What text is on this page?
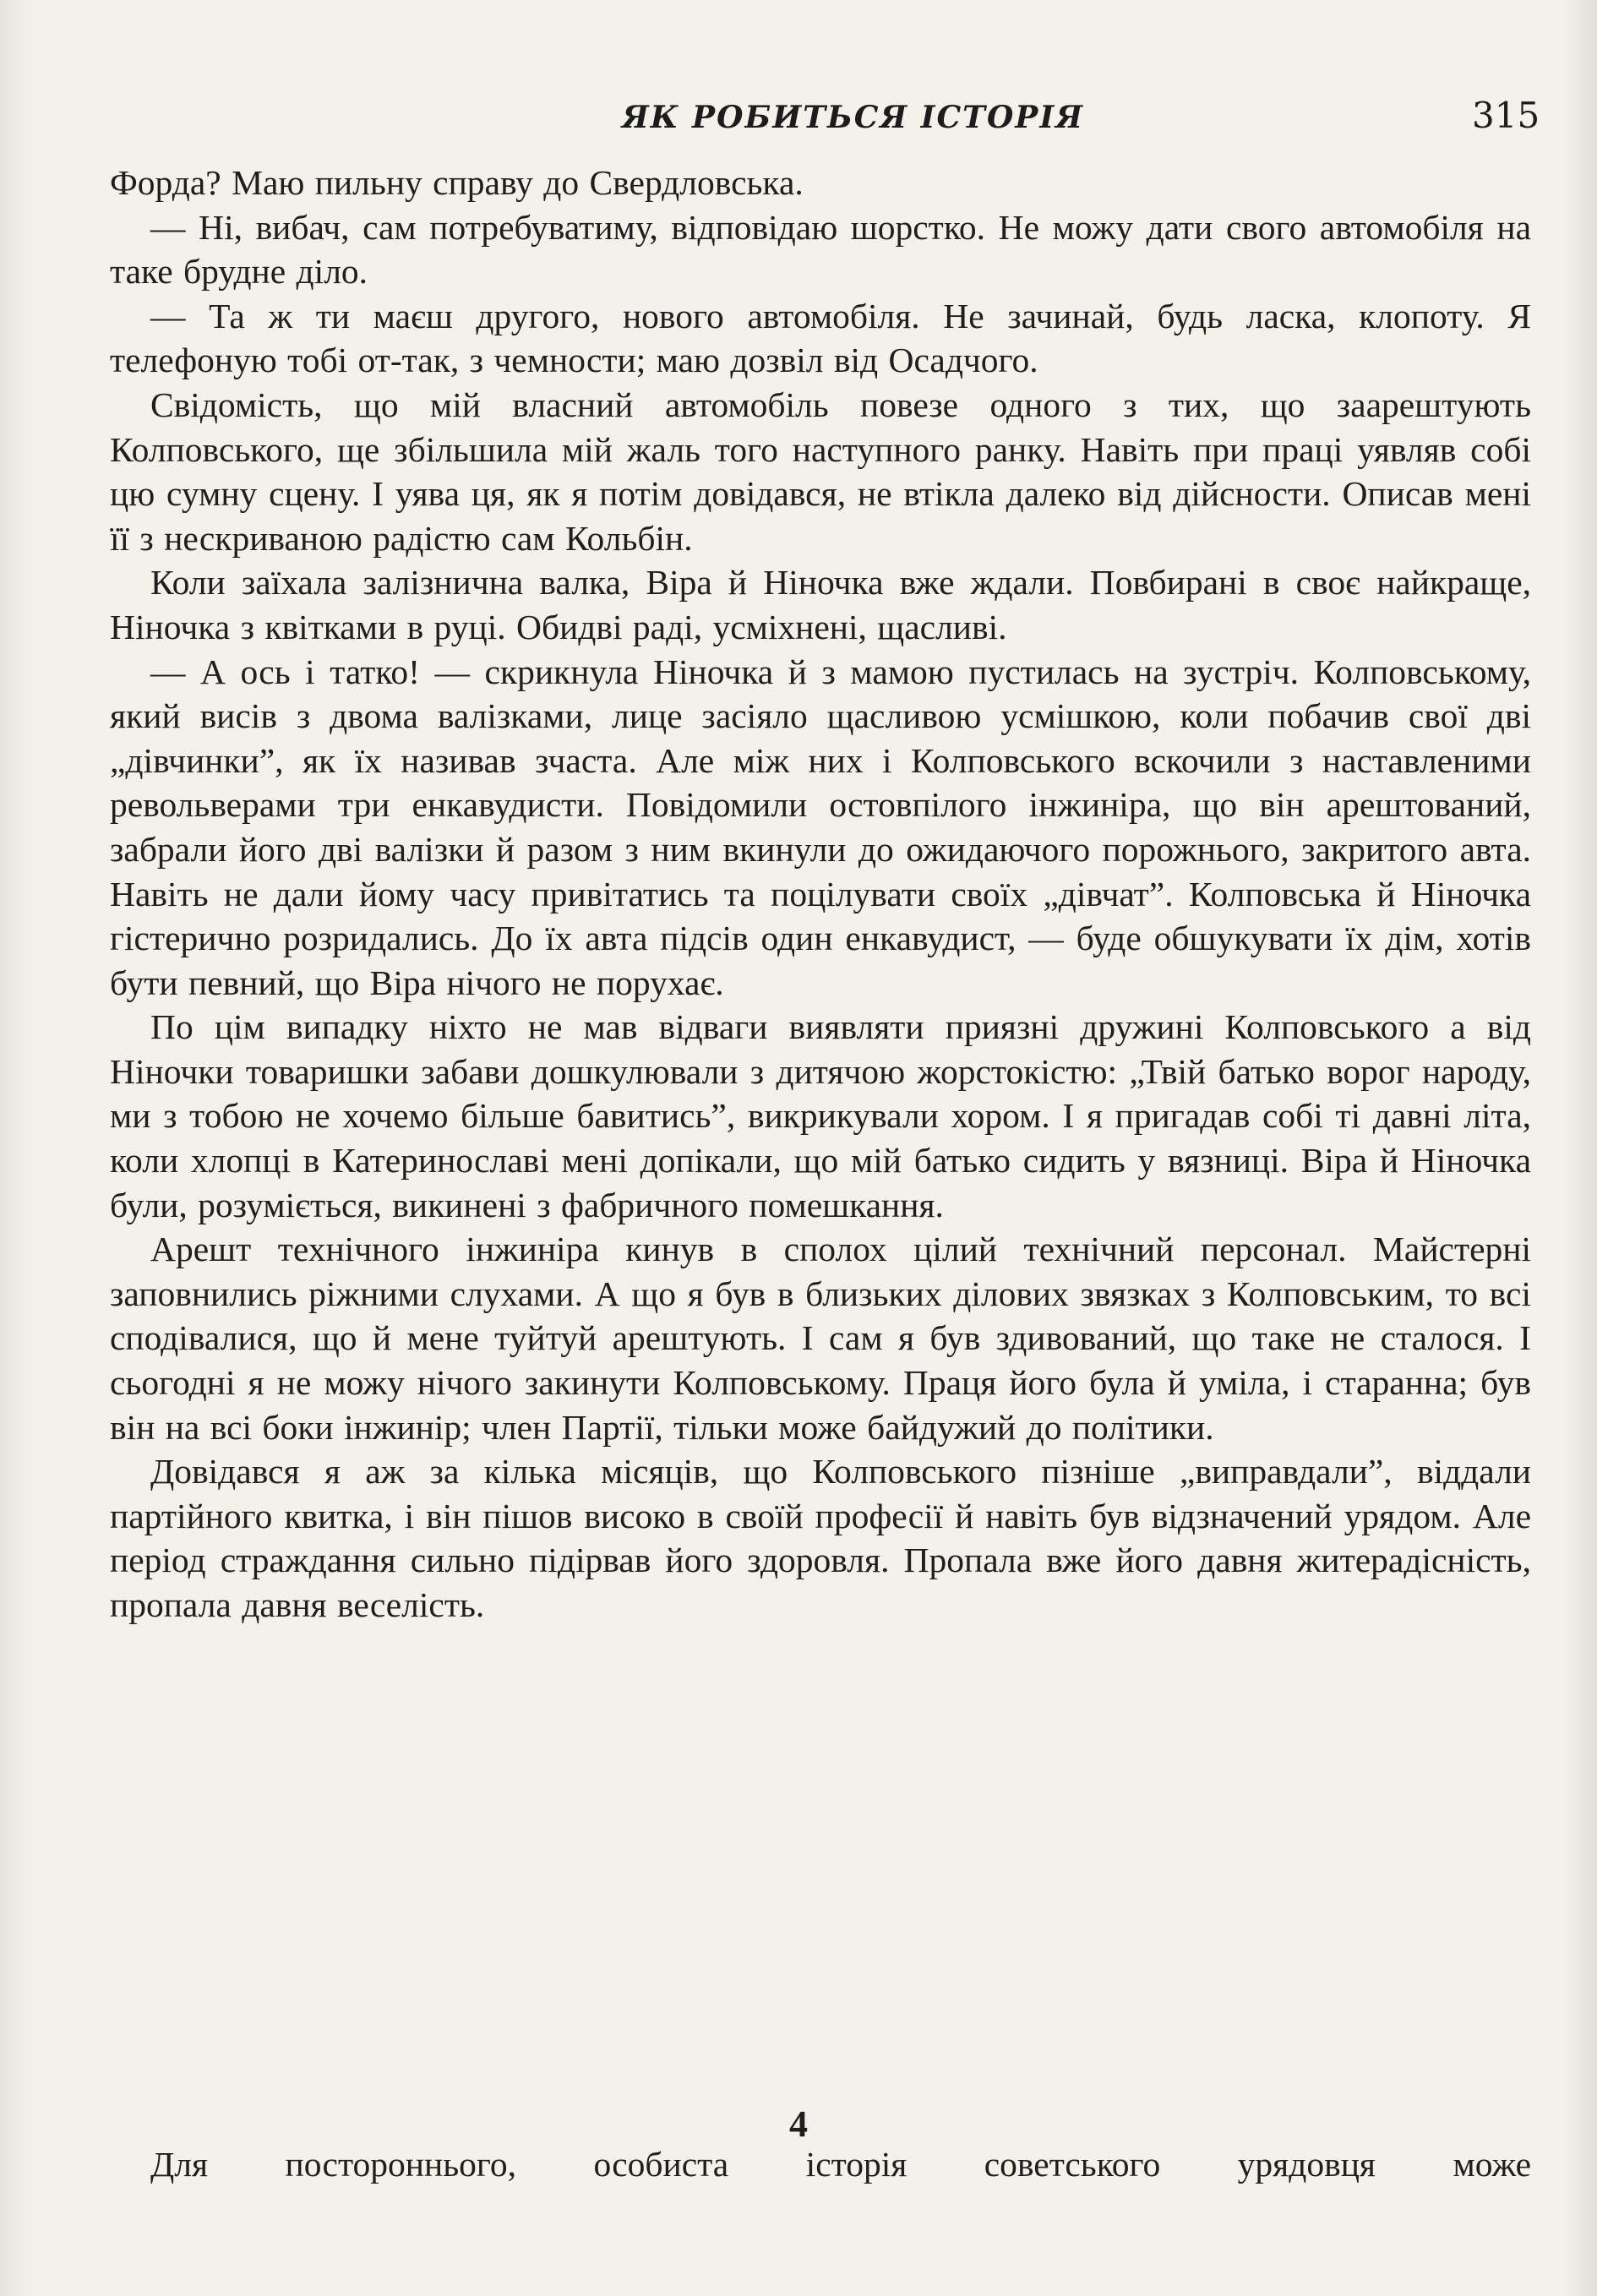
ЯК РОБИТЬСЯ ІСТОРІЯ	315

Форда? Маю пильну справу до Свердловська.

— Ні, вибач, сам потребуватиму, відповідаю шорстко. Не можу дати свого автомобіля на таке брудне діло.

— Та ж ти маєш другого, нового автомобіля. Не зачинай, будь ласка, клопоту. Я телефоную тобі от-так, з чемности; маю дозвіл від Осадчого.

Свідомість, що мій власний автомобіль повезе одного з тих, що заарештують Колповського, ще збільшила мій жаль того наступного ранку. Навіть при праці уявляв собі цю сумну сцену. І уява ця, як я потім довідався, не втікла далеко від дійсности. Описав мені її з нескриваною радістю сам Кольбін.

Коли заїхала залізнична валка, Віра й Ніночка вже ждали. Повбирані в своє найкраще, Ніночка з квітками в руці. Обидві раді, усміхнені, щасливі.

— А ось і татко! — скрикнула Ніночка й з мамою пустилась на зустріч. Колповському, який висів з двома валізками, лице засіяло щасливою усмішкою, коли побачив свої дві „дівчинки”, як їх називав зчаста. Але між них і Колповського вскочили з наставленими револьверами три енкавудисти. Повідомили остовпілого інжиніра, що він арештований, забрали його дві валізки й разом з ним вкинули до ожидаючого порожнього, закритого авта. Навіть не дали йому часу привітатись та поцілувати своїх „дівчат”. Колповська й Ніночка гістерично розридались. До їх авта підсів один енкавудист, — буде обшукувати їх дім, хотів бути певний, що Віра нічого не порухає.

По цім випадку ніхто не мав відваги виявляти приязні дружині Колповського а від Ніночки товаришки забави дошкулювали з дитячою жорстокістю: „Твій батько ворог народу, ми з тобою не хочемо більше бавитись”, викрикували хором. І я пригадав собі ті давні літа, коли хлопці в Катеринославі мені допікали, що мій батько сидить у вязниці. Віра й Ніночка були, розуміється, викинені з фабричного помешкання.

Арешт технічного інжиніра кинув в сполох цілий технічний персонал. Майстерні заповнились ріжними слухами. А що я був в близьких ділових звязках з Колповським, то всі сподівалися, що й мене туйтуй арештують. І сам я був здивований, що таке не сталося. І сьогодні я не можу нічого закинути Колповському. Праця його була й уміла, і старанна; був він на всі боки інжинір; член Партії, тільки може байдужий до політики.

Довідався я аж за кілька місяців, що Колповського пізніше „виправдали”, віддали партійного квитка, і він пішов високо в своїй професії й навіть був відзначений урядом. Але період страждання сильно підірвав його здоровля. Пропала вже його давня житерадісність, пропала давня веселість.

4
Для постороннього, особиста історія советського урядовця може
